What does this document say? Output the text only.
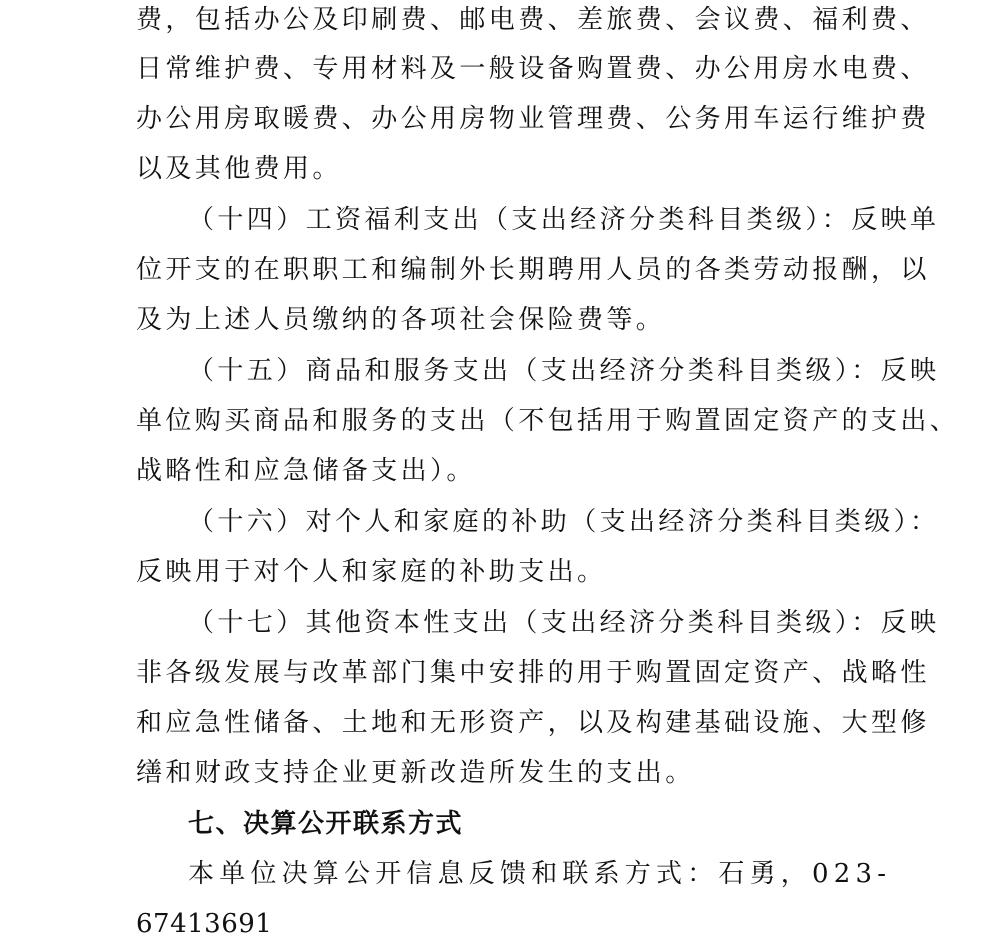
费，包括办公及印刷费、邮电费、差旅费、会议费、福利费、
日常维护费、专用材料及一般设备购置费、办公用房水电费、
办公用房取暖费、办公用房物业管理费、公务用车运行维护费
以及其他费用。
（十四）工资福利支出（支出经济分类科目类级）：反映单
位开支的在职职工和编制外长期聘用人员的各类劳动报酬，以
及为上述人员缴纳的各项社会保险费等。
（十五）商品和服务支出（支出经济分类科目类级）：反映
单位购买商品和服务的支出（不包括用于购置固定资产的支出、
战略性和应急储备支出）。
（十六）对个人和家庭的补助（支出经济分类科目类级）：
反映用于对个人和家庭的补助支出。
（十七）其他资本性支出（支出经济分类科目类级）：反映
非各级发展与改革部门集中安排的用于购置固定资产、战略性
和应急性储备、土地和无形资产，以及构建基础设施、大型修
缮和财政支持企业更新改造所发生的支出。
七、决算公开联系方式
本单位决算公开信息反馈和联系方式：石勇，023-
67413691
